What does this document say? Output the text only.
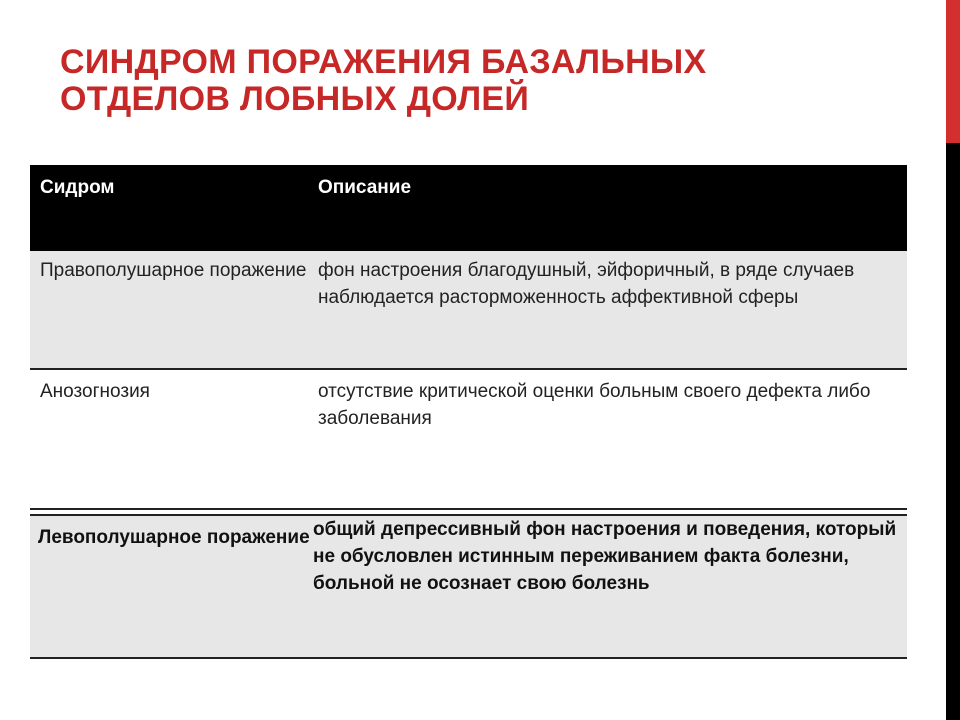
СИНДРОМ ПОРАЖЕНИЯ БАЗАЛЬНЫХ ОТДЕЛОВ ЛОБНЫХ ДОЛЕЙ
Сидром	Описание
Правополушарное поражение фон настроения благодушный, эйфоричный, в ряде случаев наблюдается расторможенность аффективной сферы
Анозогнозия	отсутствие критической оценки больным своего дефекта либо заболевания
Левополушарное поражение общий депрессивный фон настроения и поведения, который не обусловлен истинным переживанием факта болезни, больной не осознает свою болезнь
